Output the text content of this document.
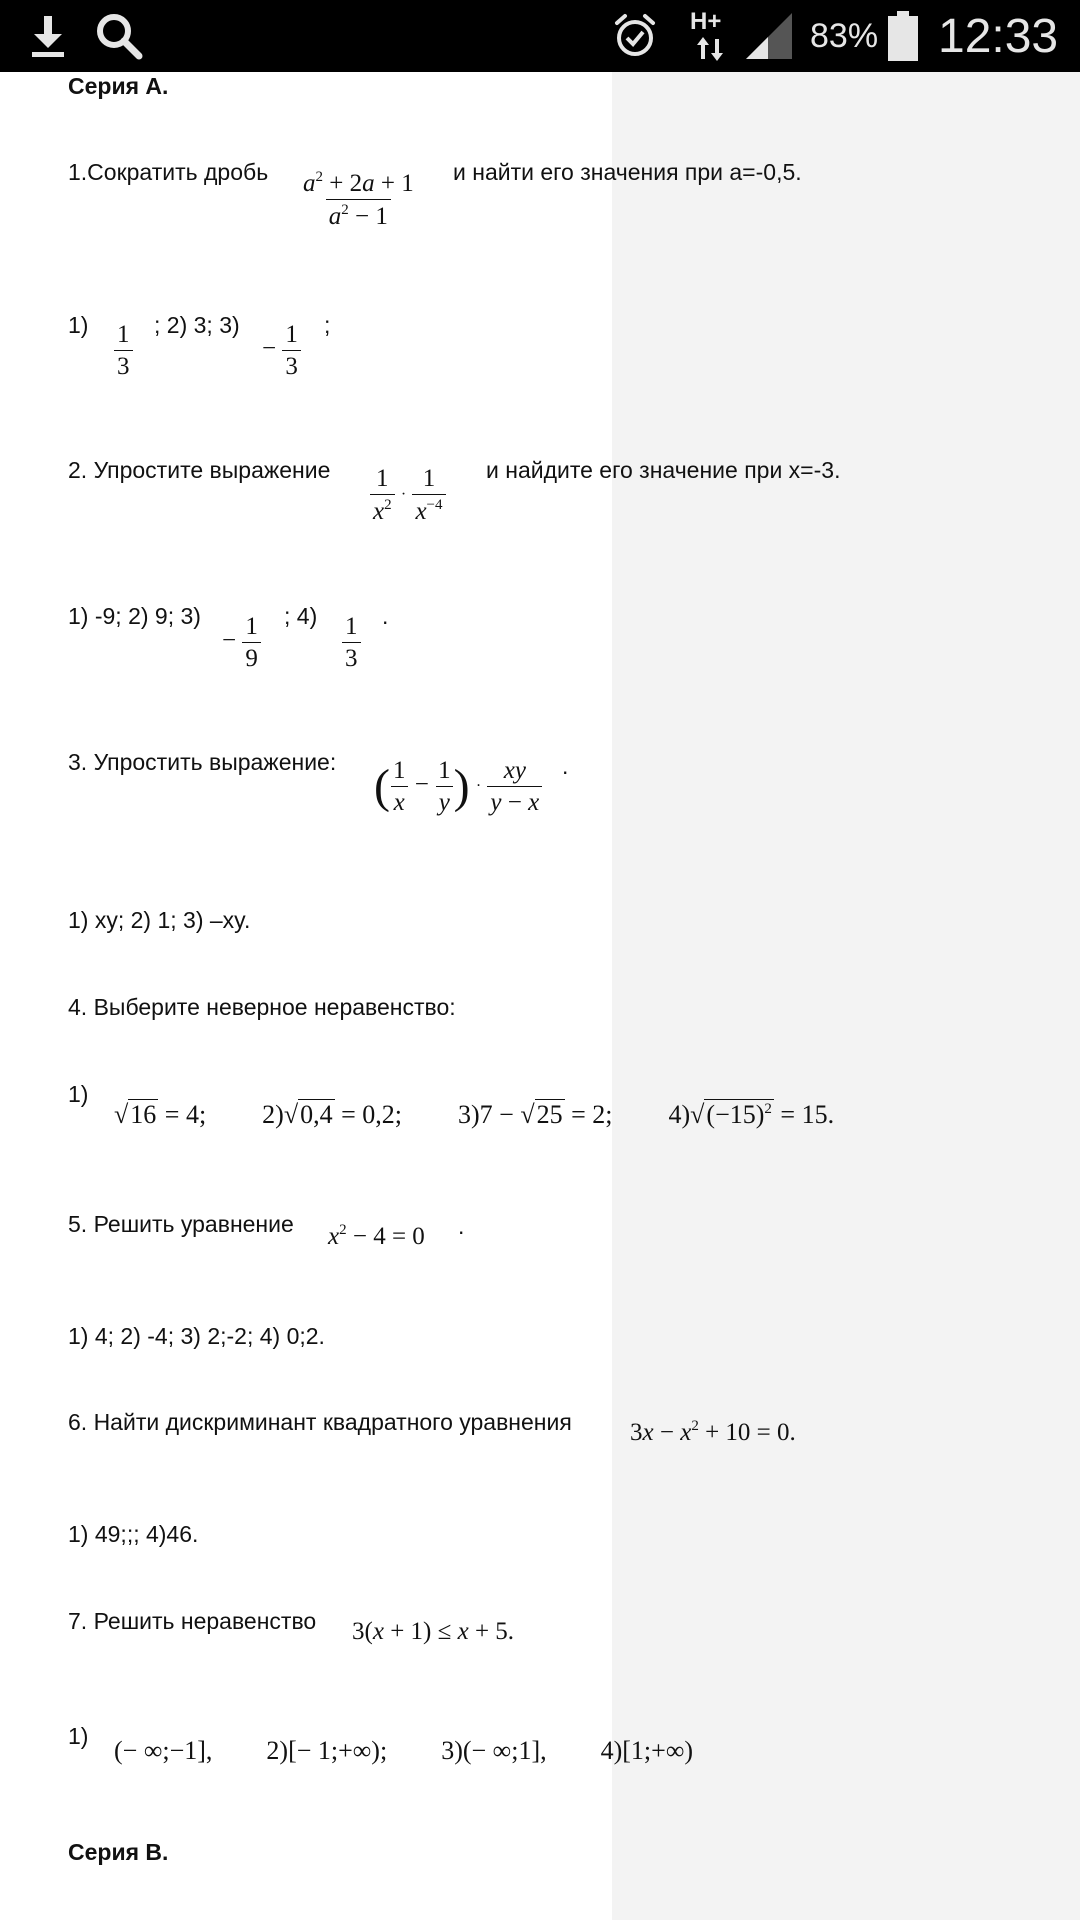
H+	83% 12:33
Серия А.
1.Сократить дробь $\frac{a^2 + 2a + 1}{a^2 - 1}$ и найти его значения при a=-0,5.
$1) \frac{1}{3}$ ; 2) 3; 3)
− $\frac{1}{3}$ ;
2. Упростите выражение $\frac{1}{x^2} \cdot \frac{1}{x^{-4}}$ и найдите его значение при x=-3.
1) -9; 2) 9; 3)
− $\frac{1}{9}$ ; $4) \frac{1}{3}$ .
3. Упростить выражение: ( $\frac{1}{x} - \frac{1}{y}$ ) · $\frac{xy}{y - x}$ .
1) xy; 2) 1; 3) –xy.
4. Выберите неверное неравенство:
1)
√16 = 4; 2)√0,4 = 0,2; 3)7 − √25 = 2; $4)√(-15)^2 = 15$.
5. Решить уравнение $x^2 - 4 = 0$ .
1) 4; 2) -4; 3) 2;-2; 4) 0;2.
6. Найти дискриминант квадратного уравнения $3x - x^2 + 10 = 0$.
1) 49;;; 4)46.
7. Решить неравенство 3(x + 1) ≤ x + 5.
1) (− ∞;−1], 2)[− 1;+∞); 3)(− ∞;1], 4)[1;+∞)
Серия В.
